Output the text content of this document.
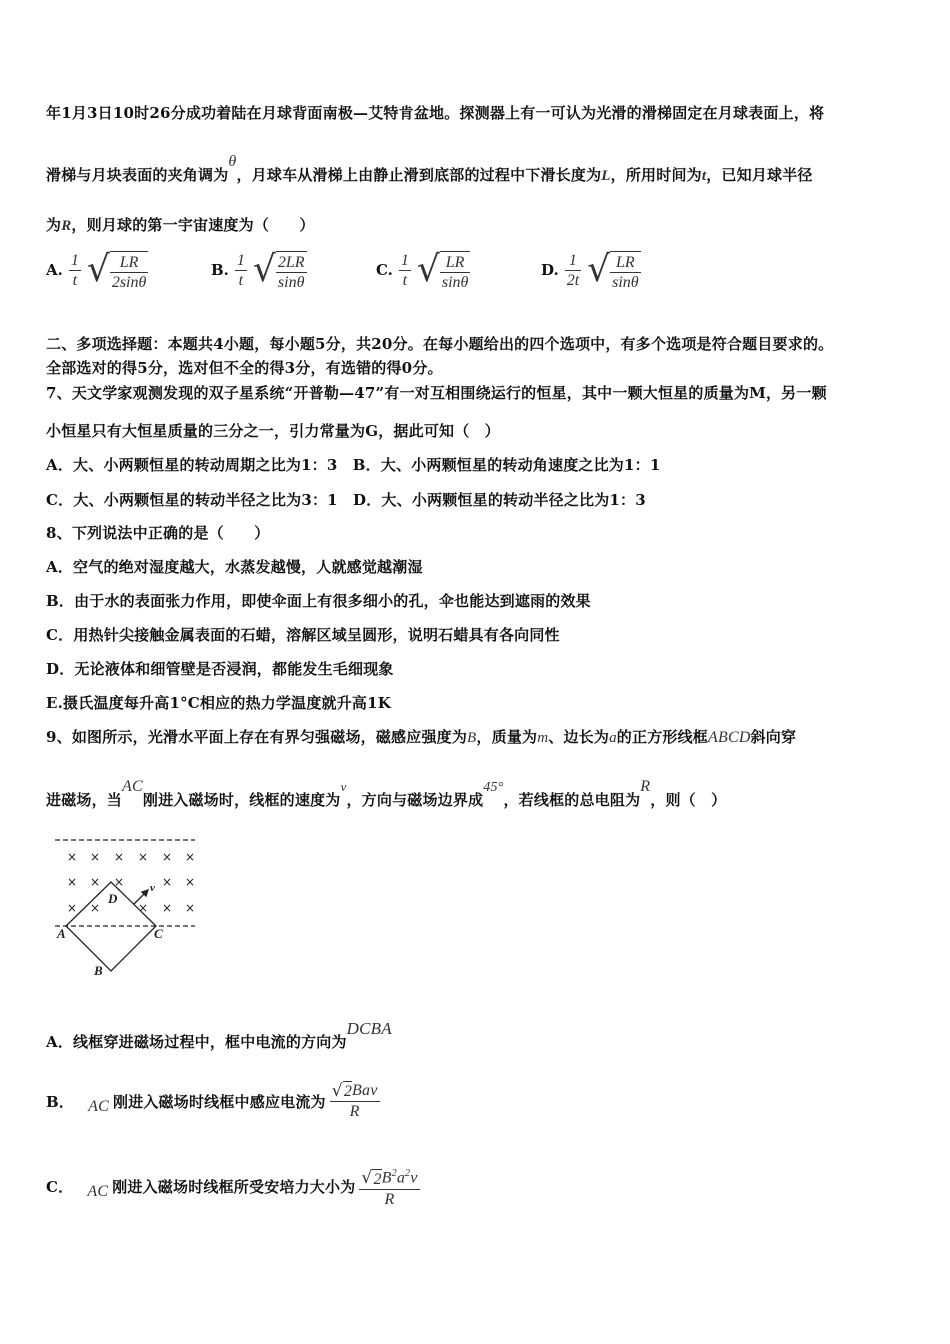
年1月3日10时26分成功着陆在月球背面南极—艾特肯盆地。探测器上有一可认为光滑的滑梯固定在月球表面上，将
滑梯与月块表面的夹角调为θ，月球车从滑梯上由静止滑到底部的过程中下滑长度为L，所用时间为t，已知月球半径
为R，则月球的第一宇宙速度为（　　）
A. $\frac{1}{t}$ √ $\frac{LR}{2\sin\theta}$	B. $\frac{1}{t}$ √ $\frac{2LR}{\sin\theta}$	C. $\frac{1}{t}$ √ $\frac{LR}{\sin\theta}$	D. $\frac{1}{2t}$ √ $\frac{LR}{\sin\theta}$
二、多项选择题：本题共4小题，每小题5分，共20分。在每小题给出的四个选项中，有多个选项是符合题目要求的。
全部选对的得5分，选对但不全的得3分，有选错的得0分。
7、天文学家观测发现的双子星系统“开普勒—47”有一对互相围绕运行的恒星，其中一颗大恒星的质量为M，另一颗
小恒星只有大恒星质量的三分之一，引力常量为G，据此可知（　）
A．大、小两颗恒星的转动周期之比为1：3　B．大、小两颗恒星的转动角速度之比为1：1
C．大、小两颗恒星的转动半径之比为3：1　D．大、小两颗恒星的转动半径之比为1：3
8、下列说法中正确的是（　　）
A．空气的绝对湿度越大，水蒸发越慢，人就感觉越潮湿
B．由于水的表面张力作用，即使伞面上有很多细小的孔，伞也能达到遮雨的效果
C．用热针尖接触金属表面的石蜡，溶解区域呈圆形，说明石蜡具有各向同性
D．无论液体和细管壁是否浸润，都能发生毛细现象
E.摄氏温度每升高1°C相应的热力学温度就升高1K
9、如图所示，光滑水平面上存在有界匀强磁场，磁感应强度为B，质量为m、边长为a的正方形线框ABCD斜向穿
进磁场，当AC刚进入磁场时，线框的速度为v，方向与磁场边界成45°，若线框的总电阻为R，则（　）
× × × × × ×
× × ×	× ×
× ×	× × ×
A	C
D
B
v
A．线框穿进磁场过程中，框中电流的方向为DCBA
B． AC 刚进入磁场时线框中感应电流为 $\frac{\text{√ 2 Bav}}{R}$
C． AC 刚进入磁场时线框所受安培力大小为 $\frac{√ 2 B^2a^2v}{R}$
